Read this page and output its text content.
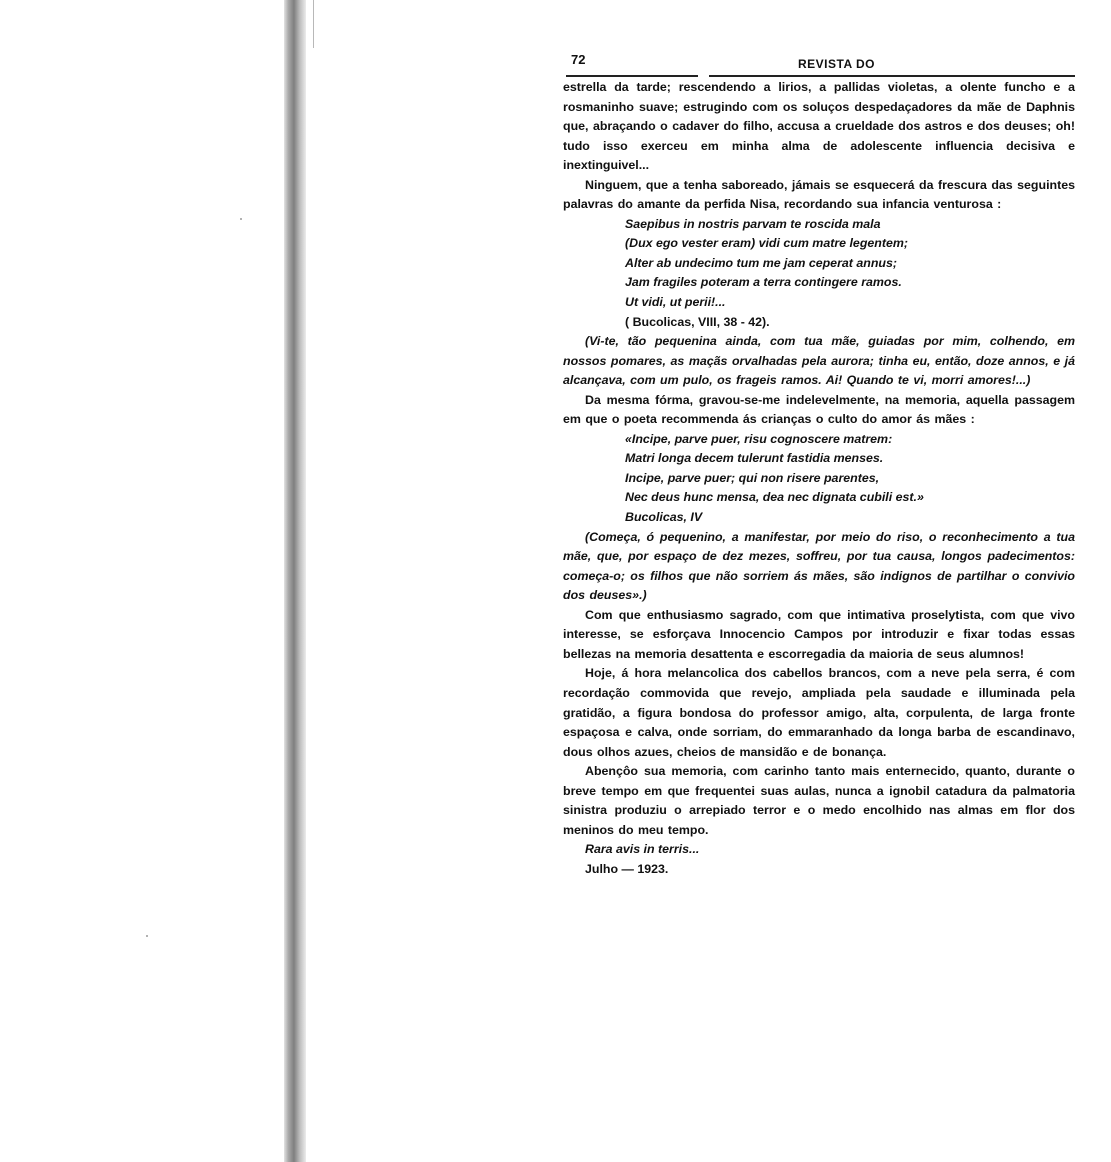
72	REVISTA DO

estrella da tarde; rescendendo a lirios, a pallidas violetas, a olente funcho e a rosmaninho suave; estrugindo com os soluços despedaçadores da mãe de Daphnis que, abraçando o cadaver do filho, accusa a crueldade dos astros e dos deuses; oh! tudo isso exerceu em minha alma de adolescente influencia decisiva e inextinguivel...

Ninguem, que a tenha saboreado, jámais se esquecerá da frescura das seguintes palavras do amante da perfida Nisa, recordando sua infancia venturosa :

Saepibus in nostris parvam te roscida mala
(Dux ego vester eram) vidi cum matre legentem;
Alter ab undecimo tum me jam ceperat annus;
Jam fragiles poteram a terra contingere ramos.
Ut vidi, ut perii!...
( Bucolicas, VIII, 38 - 42).

(Vi-te, tão pequenina ainda, com tua mãe, guiadas por mim, colhendo, em nossos pomares, as maçãs orvalhadas pela aurora; tinha eu, então, doze annos, e já alcançava, com um pulo, os frageis ramos. Ai! Quando te vi, morri amores!...)

Da mesma fórma, gravou-se-me indelevelmente, na memoria, aquella passagem em que o poeta recommenda ás crianças o culto do amor ás mães :

«Incipe, parve puer, risu cognoscere matrem:
Matri longa decem tulerunt fastidia menses.
Incipe, parve puer; qui non risere parentes,
Nec deus hunc mensa, dea nec dignata cubili est.»
Bucolicas, IV

(Começa, ó pequenino, a manifestar, por meio do riso, o reconhecimento a tua mãe, que, por espaço de dez mezes, soffreu, por tua causa, longos padecimentos: começa-o; os filhos que não sorriem ás mães, são indignos de partilhar o convivio dos deuses».)

Com que enthusiasmo sagrado, com que intimativa proselytista, com que vivo interesse, se esforçava Innocencio Campos por introduzir e fixar todas essas bellezas na memoria desattenta e escorregadia da maioria de seus alumnos!

Hoje, á hora melancolica dos cabellos brancos, com a neve pela serra, é com recordação commovida que revejo, ampliada pela saudade e illuminada pela gratidão, a figura bondosa do professor amigo, alta, corpulenta, de larga fronte espaçosa e calva, onde sorriam, do emmaranhado da longa barba de escandinavo, dous olhos azues, cheios de mansidão e de bonança.

Abençôo sua memoria, com carinho tanto mais enternecido, quanto, durante o breve tempo em que frequentei suas aulas, nunca a ignobil catadura da palmatoria sinistra produziu o arrepiado terror e o medo encolhido nas almas em flor dos meninos do meu tempo.

Rara avis in terris...
Julho — 1923.
